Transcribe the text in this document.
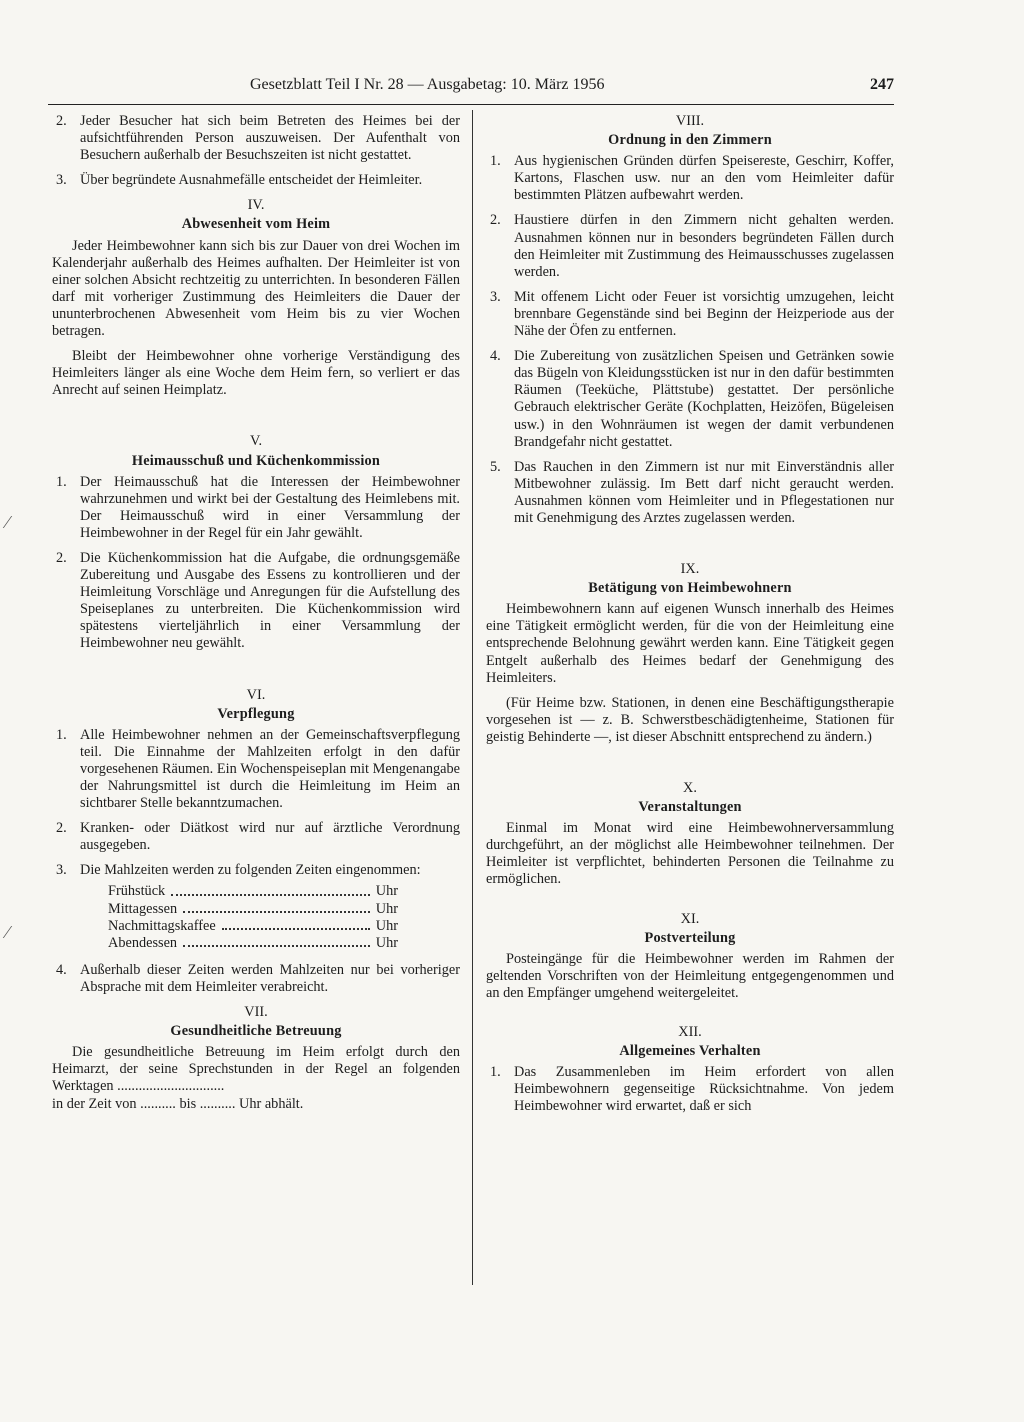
Gesetzblatt Teil I Nr. 28 — Ausgabetag: 10. März 1956	247
⁄
⁄
2. Jeder Besucher hat sich beim Betreten des Heimes bei der aufsichtführenden Person auszuweisen. Der Aufenthalt von Besuchern außerhalb der Besuchszeiten ist nicht gestattet.
3. Über begründete Ausnahmefälle entscheidet der Heimleiter.
IV.
Abwesenheit vom Heim
Jeder Heimbewohner kann sich bis zur Dauer von drei Wochen im Kalenderjahr außerhalb des Heimes aufhalten. Der Heimleiter ist von einer solchen Absicht rechtzeitig zu unterrichten. In besonderen Fällen darf mit vorheriger Zustimmung des Heimleiters die Dauer der ununterbrochenen Abwesenheit vom Heim bis zu vier Wochen betragen.
Bleibt der Heimbewohner ohne vorherige Verständigung des Heimleiters länger als eine Woche dem Heim fern, so verliert er das Anrecht auf seinen Heimplatz.
V.
Heimausschuß und Küchenkommission
1. Der Heimausschuß hat die Interessen der Heimbewohner wahrzunehmen und wirkt bei der Gestaltung des Heimlebens mit. Der Heimausschuß wird in einer Versammlung der Heimbewohner in der Regel für ein Jahr gewählt.
2. Die Küchenkommission hat die Aufgabe, die ordnungsgemäße Zubereitung und Ausgabe des Essens zu kontrollieren und der Heimleitung Vorschläge und Anregungen für die Aufstellung des Speiseplanes zu unterbreiten. Die Küchenkommission wird spätestens vierteljährlich in einer Versammlung der Heimbewohner neu gewählt.
VI.
Verpflegung
1. Alle Heimbewohner nehmen an der Gemeinschaftsverpflegung teil. Die Einnahme der Mahlzeiten erfolgt in den dafür vorgesehenen Räumen. Ein Wochenspeiseplan mit Mengenangabe der Nahrungsmittel ist durch die Heimleitung im Heim an sichtbarer Stelle bekanntzumachen.
2. Kranken- oder Diätkost wird nur auf ärztliche Verordnung ausgegeben.
3. Die Mahlzeiten werden zu folgenden Zeiten eingenommen:
Frühstück	Uhr
Mittagessen	Uhr
Nachmittagskaffee	Uhr
Abendessen	Uhr
4. Außerhalb dieser Zeiten werden Mahlzeiten nur bei vorheriger Absprache mit dem Heimleiter verabreicht.
VII.
Gesundheitliche Betreuung
Die gesundheitliche Betreuung im Heim erfolgt durch den Heimarzt, der seine Sprechstunden in der Regel an folgenden Werktagen ..............................
in der Zeit von .......... bis .......... Uhr abhält.
VIII.
Ordnung in den Zimmern
1. Aus hygienischen Gründen dürfen Speisereste, Geschirr, Koffer, Kartons, Flaschen usw. nur an den vom Heimleiter dafür bestimmten Plätzen aufbewahrt werden.
2. Haustiere dürfen in den Zimmern nicht gehalten werden. Ausnahmen können nur in besonders begründeten Fällen durch den Heimleiter mit Zustimmung des Heimausschusses zugelassen werden.
3. Mit offenem Licht oder Feuer ist vorsichtig umzugehen, leicht brennbare Gegenstände sind bei Beginn der Heizperiode aus der Nähe der Öfen zu entfernen.
4. Die Zubereitung von zusätzlichen Speisen und Getränken sowie das Bügeln von Kleidungsstücken ist nur in den dafür bestimmten Räumen (Teeküche, Plättstube) gestattet. Der persönliche Gebrauch elektrischer Geräte (Kochplatten, Heizöfen, Bügeleisen usw.) in den Wohnräumen ist wegen der damit verbundenen Brandgefahr nicht gestattet.
5. Das Rauchen in den Zimmern ist nur mit Einverständnis aller Mitbewohner zulässig. Im Bett darf nicht geraucht werden. Ausnahmen können vom Heimleiter und in Pflegestationen nur mit Genehmigung des Arztes zugelassen werden.
IX.
Betätigung von Heimbewohnern
Heimbewohnern kann auf eigenen Wunsch innerhalb des Heimes eine Tätigkeit ermöglicht werden, für die von der Heimleitung eine entsprechende Belohnung gewährt werden kann. Eine Tätigkeit gegen Entgelt außerhalb des Heimes bedarf der Genehmigung des Heimleiters.
(Für Heime bzw. Stationen, in denen eine Beschäftigungstherapie vorgesehen ist — z. B. Schwerstbeschädigtenheime, Stationen für geistig Behinderte —, ist dieser Abschnitt entsprechend zu ändern.)
X.
Veranstaltungen
Einmal im Monat wird eine Heimbewohnerversammlung durchgeführt, an der möglichst alle Heimbewohner teilnehmen. Der Heimleiter ist verpflichtet, behinderten Personen die Teilnahme zu ermöglichen.
XI.
Postverteilung
Posteingänge für die Heimbewohner werden im Rahmen der geltenden Vorschriften von der Heimleitung entgegengenommen und an den Empfänger umgehend weitergeleitet.
XII.
Allgemeines Verhalten
1. Das Zusammenleben im Heim erfordert von allen Heimbewohnern gegenseitige Rücksichtnahme. Von jedem Heimbewohner wird erwartet, daß er sich
